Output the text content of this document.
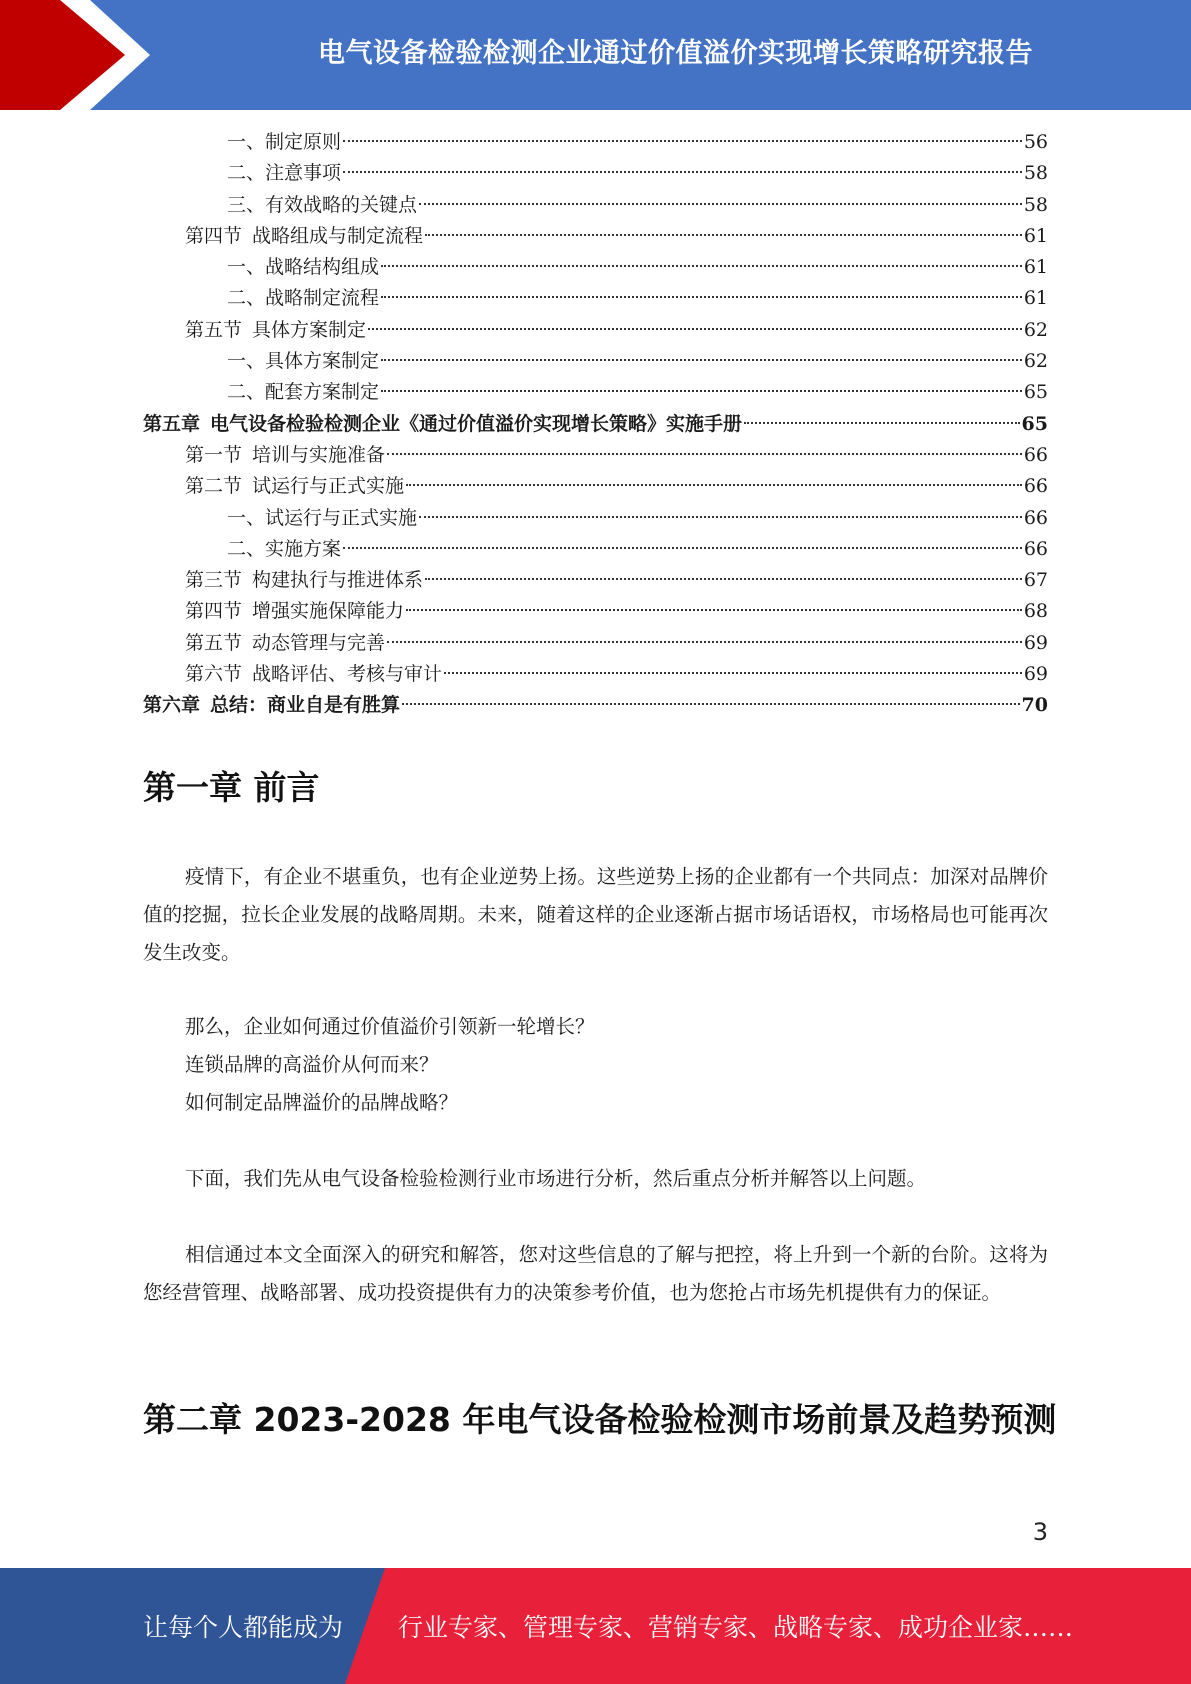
电气设备检验检测企业通过价值溢价实现增长策略研究报告
一、制定原则	56
二、注意事项	58
三、有效战略的关键点	58
第四节 战略组成与制定流程	61
一、战略结构组成	61
二、战略制定流程	61
第五节 具体方案制定	62
一、具体方案制定	62
二、配套方案制定	65
第五章 电气设备检验检测企业《通过价值溢价实现增长策略》实施手册	65
第一节 培训与实施准备	66
第二节 试运行与正式实施	66
一、试运行与正式实施	66
二、实施方案	66
第三节 构建执行与推进体系	67
第四节 增强实施保障能力	68
第五节 动态管理与完善	69
第六节 战略评估、考核与审计	69
第六章 总结：商业自是有胜算	70
第一章 前言

疫情下，有企业不堪重负，也有企业逆势上扬。这些逆势上扬的企业都有一个共同点：加深对品牌价值的挖掘，拉长企业发展的战略周期。未来，随着这样的企业逐渐占据市场话语权，市场格局也可能再次发生改变。

那么，企业如何通过价值溢价引领新一轮增长？

连锁品牌的高溢价从何而来？

如何制定品牌溢价的品牌战略？

下面，我们先从电气设备检验检测行业市场进行分析，然后重点分析并解答以上问题。

相信通过本文全面深入的研究和解答，您对这些信息的了解与把控，将上升到一个新的台阶。这将为您经营管理、战略部署、成功投资提供有力的决策参考价值，也为您抢占市场先机提供有力的保证。

第二章 2023-2028 年电气设备检验检测市场前景及趋势预测
3
让每个人都能成为 行业专家、管理专家、营销专家、战略专家、成功企业家……
